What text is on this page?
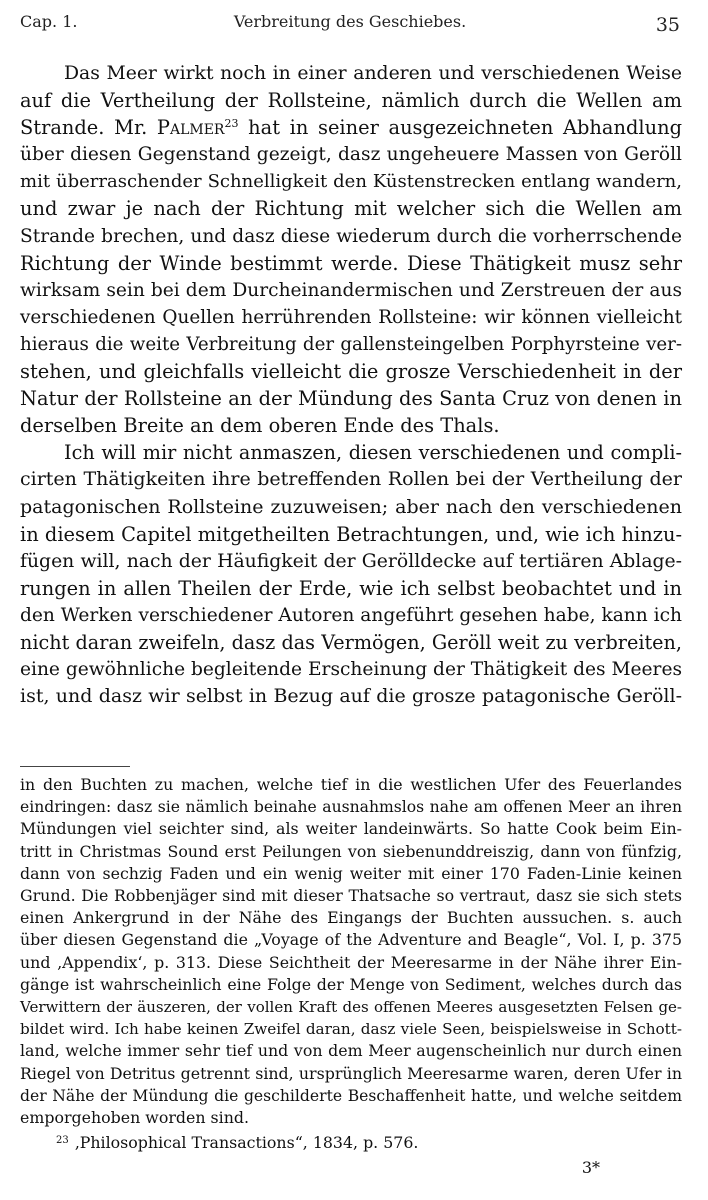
Cap. 1.	Verbreitung des Geschiebes.	35
Das Meer wirkt noch in einer anderen und verschiedenen Weise
auf die Vertheilung der Rollsteine, nämlich durch die Wellen am
Strande. Mr. Palmer$^{23}$ hat in seiner ausgezeichneten Abhandlung
über diesen Gegenstand gezeigt, dasz ungeheuere Massen von Geröll
mit überraschender Schnelligkeit den Küstenstrecken entlang wandern,
und zwar je nach der Richtung mit welcher sich die Wellen am
Strande brechen, und dasz diese wiederum durch die vorherrschende
Richtung der Winde bestimmt werde. Diese Thätigkeit musz sehr
wirksam sein bei dem Durcheinandermischen und Zerstreuen der aus
verschiedenen Quellen herrührenden Rollsteine: wir können vielleicht
hieraus die weite Verbreitung der gallensteingelben Porphyrsteine ver-
stehen, und gleichfalls vielleicht die grosze Verschiedenheit in der
Natur der Rollsteine an der Mündung des Santa Cruz von denen in
derselben Breite an dem oberen Ende des Thals.
Ich will mir nicht anmaszen, diesen verschiedenen und compli-
cirten Thätigkeiten ihre betreffenden Rollen bei der Vertheilung der
patagonischen Rollsteine zuzuweisen; aber nach den verschiedenen
in diesem Capitel mitgetheilten Betrachtungen, und, wie ich hinzu-
fügen will, nach der Häufigkeit der Gerölldecke auf tertiären Ablage-
rungen in allen Theilen der Erde, wie ich selbst beobachtet und in
den Werken verschiedener Autoren angeführt gesehen habe, kann ich
nicht daran zweifeln, dasz das Vermögen, Geröll weit zu verbreiten,
eine gewöhnliche begleitende Erscheinung der Thätigkeit des Meeres
ist, und dasz wir selbst in Bezug auf die grosze patagonische Geröll-
in den Buchten zu machen, welche tief in die westlichen Ufer des Feuerlandes
eindringen: dasz sie nämlich beinahe ausnahmslos nahe am offenen Meer an ihren
Mündungen viel seichter sind, als weiter landeinwärts. So hatte Cook beim Ein-
tritt in Christmas Sound erst Peilungen von siebenunddreiszig, dann von fünfzig,
dann von sechzig Faden und ein wenig weiter mit einer 170 Faden-Linie keinen
Grund. Die Robbenjäger sind mit dieser Thatsache so vertraut, dasz sie sich stets
einen Ankergrund in der Nähe des Eingangs der Buchten aussuchen. s. auch
über diesen Gegenstand die „Voyage of the Adventure and Beagle“, Vol. I, p. 375
und ‚Appendix‘, p. 313. Diese Seichtheit der Meeresarme in der Nähe ihrer Ein-
gänge ist wahrscheinlich eine Folge der Menge von Sediment, welches durch das
Verwittern der äuszeren, der vollen Kraft des offenen Meeres ausgesetzten Felsen ge-
bildet wird. Ich habe keinen Zweifel daran, dasz viele Seen, beispielsweise in Schott-
land, welche immer sehr tief und von dem Meer augenscheinlich nur durch einen
Riegel von Detritus getrennt sind, ursprünglich Meeresarme waren, deren Ufer in
der Nähe der Mündung die geschilderte Beschaffenheit hatte, und welche seitdem
emporgehoben worden sind.
$^{23}$ ‚Philosophical Transactions“, 1834, p. 576.
3*
